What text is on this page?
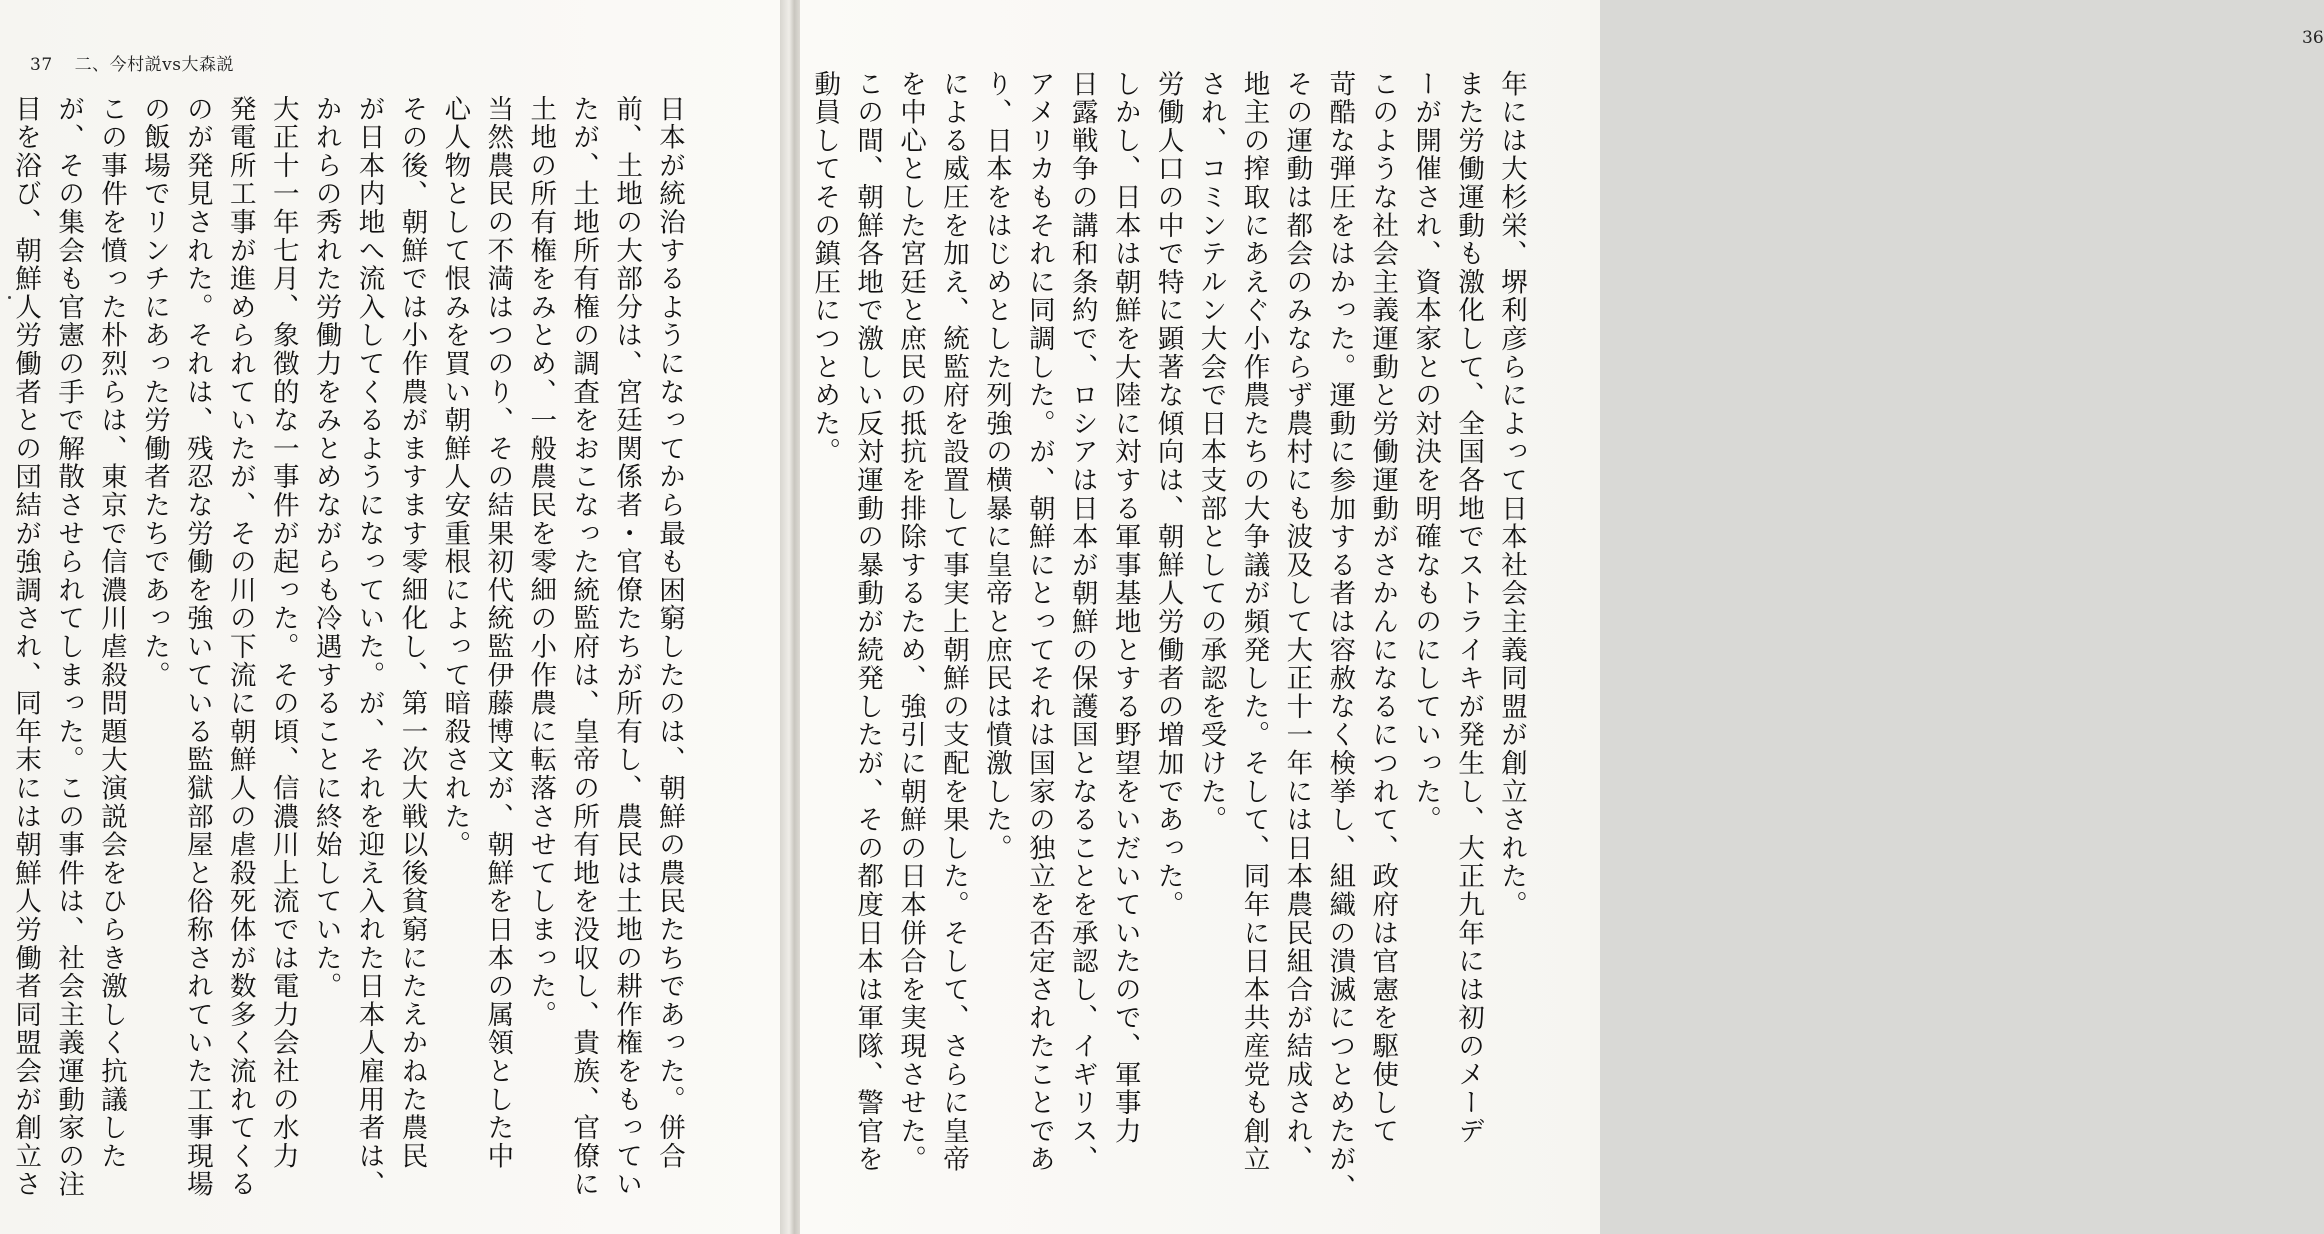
37 二、今村説vs大森説
日本が統治するようになってから最も困窮したのは、朝鮮の農民たちであった。併合
前、土地の大部分は、宮廷関係者・官僚たちが所有し、農民は土地の耕作権をもってい
たが、土地所有権の調査をおこなった統監府は、皇帝の所有地を没収し、貴族、官僚に
土地の所有権をみとめ、一般農民を零細の小作農に転落させてしまった。
当然農民の不満はつのり、その結果初代統監伊藤博文が、朝鮮を日本の属領とした中
心人物として恨みを買い朝鮮人安重根によって暗殺された。
その後、朝鮮では小作農がますます零細化し、第一次大戦以後貧窮にたえかねた農民
が日本内地へ流入してくるようになっていた。が、それを迎え入れた日本人雇用者は、
かれらの秀れた労働力をみとめながらも冷遇することに終始していた。
大正十一年七月、象徴的な一事件が起った。その頃、信濃川上流では電力会社の水力
発電所工事が進められていたが、その川の下流に朝鮮人の虐殺死体が数多く流れてくる
のが発見された。それは、残忍な労働を強いている監獄部屋と俗称されていた工事現場
の飯場でリンチにあった労働者たちであった。
この事件を憤った朴烈らは、東京で信濃川虐殺問題大演説会をひらき激しく抗議した
が、その集会も官憲の手で解散させられてしまった。この事件は、社会主義運動家の注
目を浴び、朝鮮人労働者との団結が強調され、同年末には朝鮮人労働者同盟会が創立さ
36
年には大杉栄、堺利彦らによって日本社会主義同盟が創立された。
また労働運動も激化して、全国各地でストライキが発生し、大正九年には初のメーデ
ーが開催され、資本家との対決を明確なものにしていった。
このような社会主義運動と労働運動がさかんになるにつれて、政府は官憲を駆使して
苛酷な弾圧をはかった。運動に参加する者は容赦なく検挙し、組織の潰滅につとめたが、
その運動は都会のみならず農村にも波及して大正十一年には日本農民組合が結成され、
地主の搾取にあえぐ小作農たちの大争議が頻発した。そして、同年に日本共産党も創立
され、コミンテルン大会で日本支部としての承認を受けた。
労働人口の中で特に顕著な傾向は、朝鮮人労働者の増加であった。
しかし、日本は朝鮮を大陸に対する軍事基地とする野望をいだいていたので、軍事力
日露戦争の講和条約で、ロシアは日本が朝鮮の保護国となることを承認し、イギリス、
アメリカもそれに同調した。が、朝鮮にとってそれは国家の独立を否定されたことであ
り、日本をはじめとした列強の横暴に皇帝と庶民は憤激した。
による威圧を加え、統監府を設置して事実上朝鮮の支配を果した。そして、さらに皇帝
を中心とした宮廷と庶民の抵抗を排除するため、強引に朝鮮の日本併合を実現させた。
この間、朝鮮各地で激しい反対運動の暴動が続発したが、その都度日本は軍隊、警官を
動員してその鎮圧につとめた。
